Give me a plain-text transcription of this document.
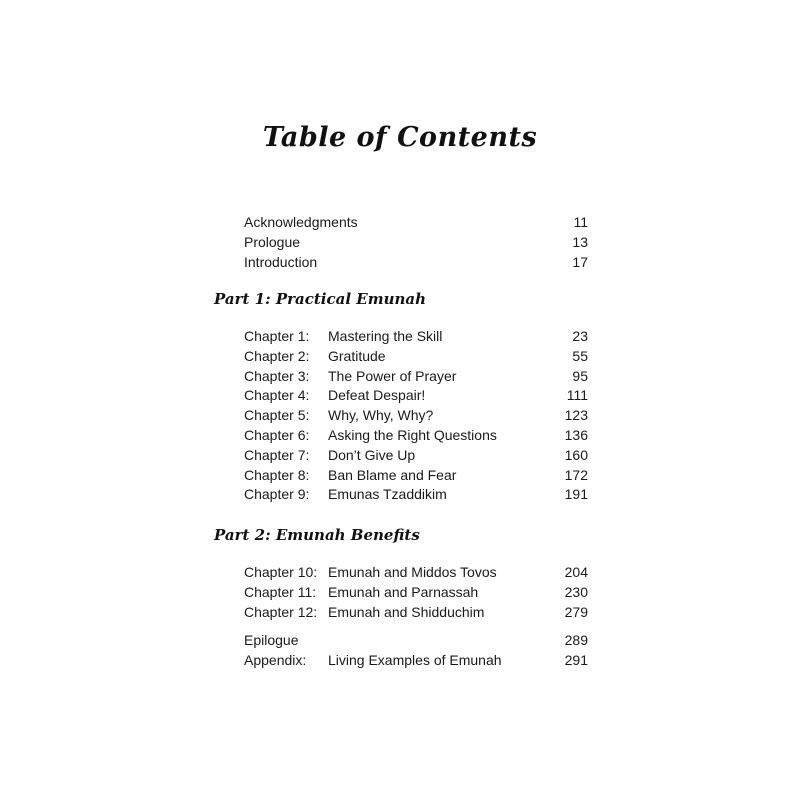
Table of Contents
Acknowledgments	11
Prologue	13
Introduction	17
Part 1: Practical Emunah
Chapter 1: Mastering the Skill	23
Chapter 2: Gratitude	55
Chapter 3: The Power of Prayer	95
Chapter 4: Defeat Despair!	111
Chapter 5: Why, Why, Why?	123
Chapter 6: Asking the Right Questions	136
Chapter 7: Don’t Give Up	160
Chapter 8: Ban Blame and Fear	172
Chapter 9: Emunas Tzaddikim	191
Part 2: Emunah Benefits
Chapter 10: Emunah and Middos Tovos	204
Chapter 11: Emunah and Parnassah	230
Chapter 12: Emunah and Shidduchim	279
Epilogue	289
Appendix: Living Examples of Emunah	291
